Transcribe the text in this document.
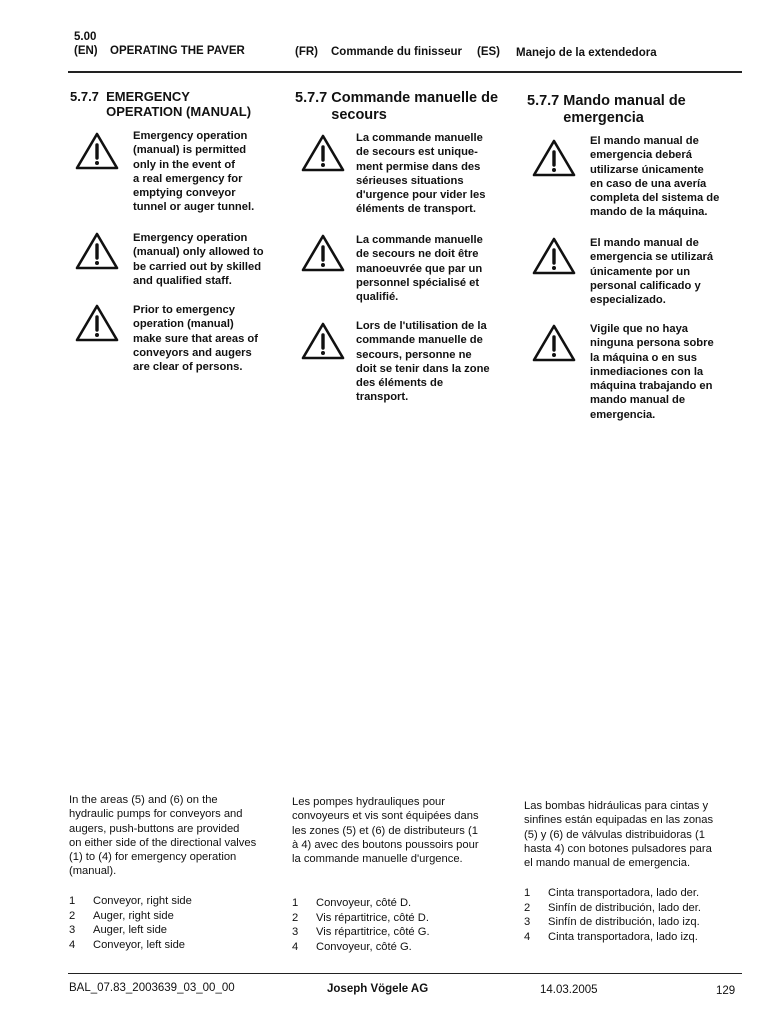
5.00
(EN) OPERATING THE PAVER	(FR) Commande du finisseur (ES) Manejo de la extendedora
5.7.7  EMERGENCY
OPERATION (MANUAL)
5.7.7 Commande manuelle de
secours
5.7.7 Mando manual de
emergencia
Emergency operation
(manual) is permitted
only in the event of
a real emergency for
emptying conveyor
tunnel or auger tunnel.
Emergency operation
(manual) only allowed to
be carried out by skilled
and qualified staff.
Prior to emergency
operation (manual)
make sure that areas of
conveyors and augers
are clear of persons.
La commande manuelle
de secours est unique-
ment permise dans des
sérieuses situations
d'urgence pour vider les
éléments de transport.
La commande manuelle
de secours ne doit être
manoeuvrée que par un
personnel spécialisé et
qualifié.
Lors de l'utilisation de la
commande manuelle de
secours, personne ne
doit se tenir dans la zone
des éléments de
transport.
El mando manual de
emergencia deberá
utilizarse únicamente
en caso de una avería
completa del sistema de
mando de la máquina.
El mando manual de
emergencia se utilizará
únicamente por un
personal calificado y
especializado.
Vigile que no haya
ninguna persona sobre
la máquina o en sus
inmediaciones con la
máquina trabajando en
mando manual de
emergencia.
In the areas (5) and (6) on the
hydraulic pumps for conveyors and
augers, push-buttons are provided
on either side of the directional valves
(1) to (4) for emergency operation
(manual).
Les pompes hydrauliques pour
convoyeurs et vis sont équipées dans
les zones (5) et (6) de distributeurs (1
à 4) avec des boutons poussoirs pour
la commande manuelle d'urgence.
Las bombas hidráulicas para cintas y
sinfines están equipadas en las zonas
(5) y (6) de válvulas distribuidoras (1
hasta 4) con botones pulsadores para
el mando manual de emergencia.
1	Conveyor, right side
2	Auger, right side
3	Auger, left side
4	Conveyor, left side
1	Convoyeur, côté D.
2	Vis répartitrice, côté D.
3	Vis répartitrice, côté G.
4	Convoyeur, côté G.
1	Cinta transportadora, lado der.
2	Sinfín de distribución, lado der.
3	Sinfín de distribución, lado izq.
4	Cinta transportadora, lado izq.
BAL_07.83_2003639_03_00_00	Joseph Vögele AG	14.03.2005	129
